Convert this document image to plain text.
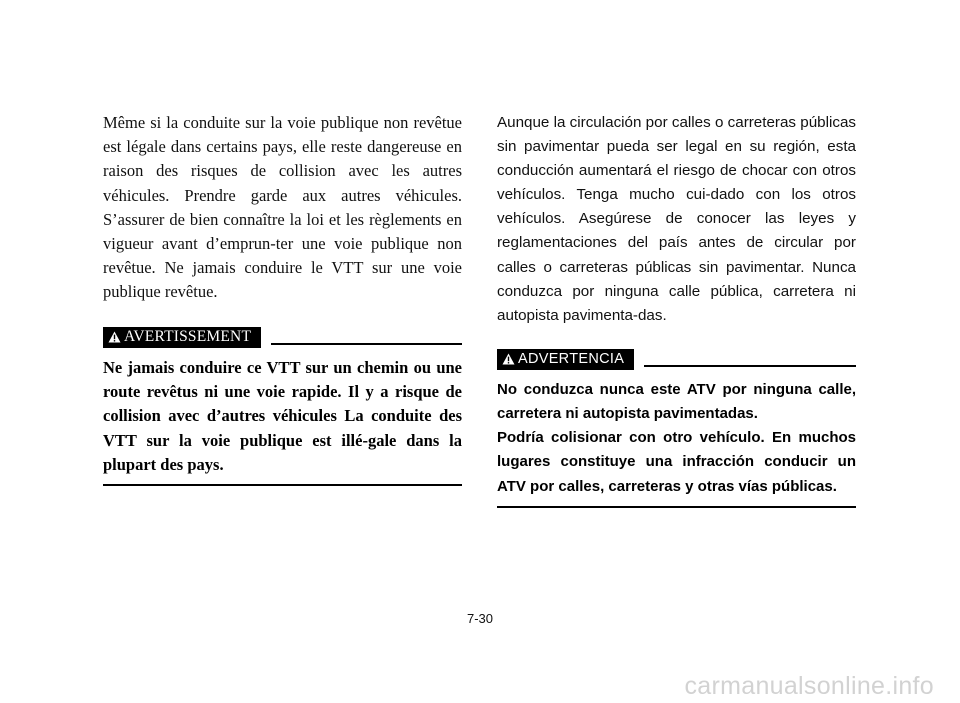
Même si la conduite sur la voie publique non revêtue est légale dans certains pays, elle reste dangereuse en raison des risques de collision avec les autres véhicules. Prendre garde aux autres véhicules. S’assurer de bien connaître la loi et les règlements en vigueur avant d’emprun-ter une voie publique non revêtue. Ne jamais conduire le VTT sur une voie publique revêtue.

AVERTISSEMENT

Ne jamais conduire ce VTT sur un chemin ou une route revêtus ni une voie rapide. Il y a risque de collision avec d’autres véhicules La conduite des VTT sur la voie publique est illé-gale dans la plupart des pays.

Aunque la circulación por calles o carreteras públicas sin pavimentar pueda ser legal en su región, esta conducción aumentará el riesgo de chocar con otros vehículos. Tenga mucho cui-dado con los otros vehículos. Asegúrese de conocer las leyes y reglamentaciones del país antes de circular por calles o carreteras públicas sin pavimentar. Nunca conduzca por ninguna calle pública, carretera ni autopista pavimenta-das.

ADVERTENCIA

No conduzca nunca este ATV por ninguna calle, carretera ni autopista pavimentadas.

Podría colisionar con otro vehículo. En muchos lugares constituye una infracción conducir un ATV por calles, carreteras y otras vías públicas.

7-30
carmanualsonline.info
